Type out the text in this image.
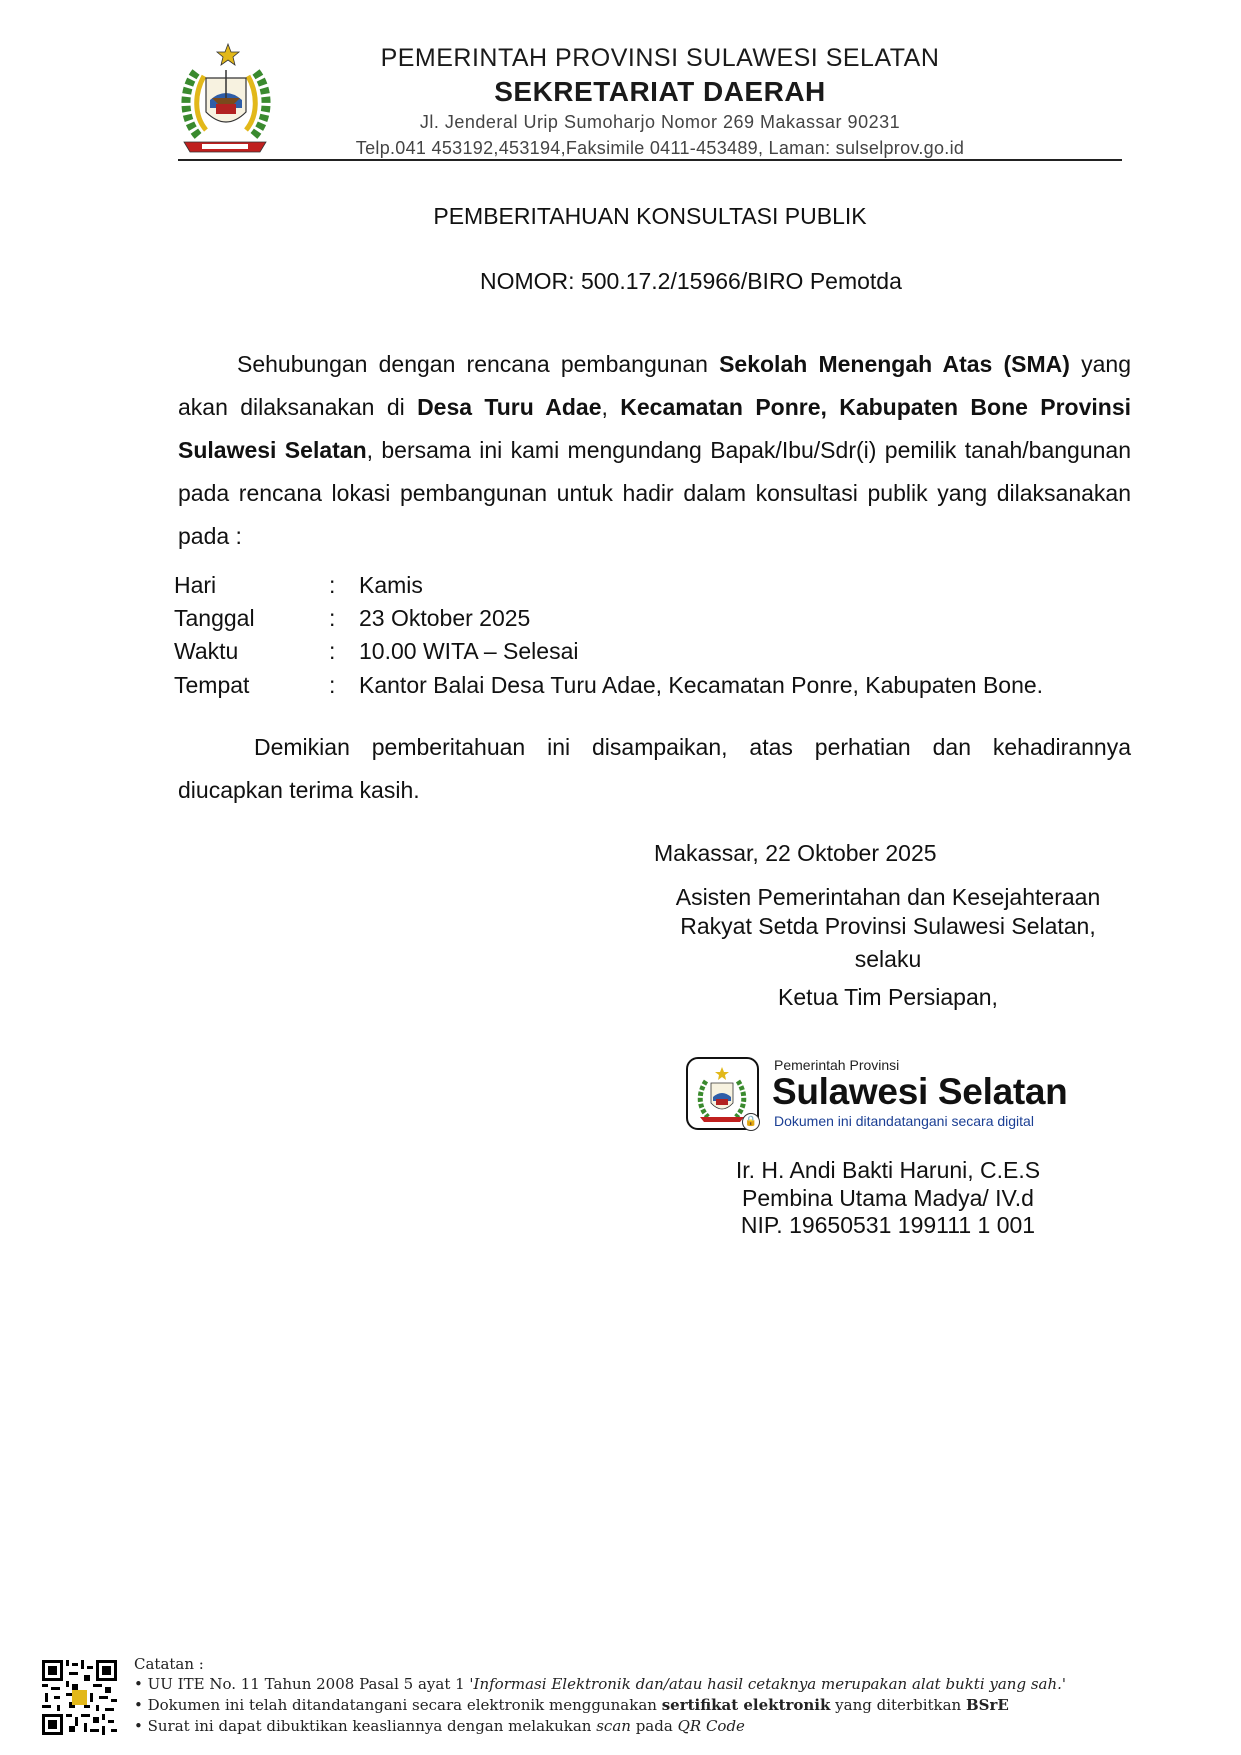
PEMERINTAH PROVINSI SULAWESI SELATAN
SEKRETARIAT DAERAH
Jl. Jenderal Urip Sumoharjo Nomor 269 Makassar 90231
Telp.041 453192,453194,Faksimile 0411-453489, Laman: sulselprov.go.id
PEMBERITAHUAN KONSULTASI PUBLIK
NOMOR: 500.17.2/15966/BIRO Pemotda
Sehubungan dengan rencana pembangunan Sekolah Menengah Atas (SMA) yang akan dilaksanakan di Desa Turu Adae, Kecamatan Ponre, Kabupaten Bone Provinsi Sulawesi Selatan, bersama ini kami mengundang Bapak/Ibu/Sdr(i) pemilik tanah/bangunan pada rencana lokasi pembangunan untuk hadir dalam konsultasi publik yang dilaksanakan pada :
Hari	: Kamis
Tanggal	: 23 Oktober 2025
Waktu	: 10.00 WITA – Selesai
Tempat	: Kantor Balai Desa Turu Adae, Kecamatan Ponre, Kabupaten Bone.
Demikian pemberitahuan ini disampaikan, atas perhatian dan kehadirannya diucapkan terima kasih.
Makassar, 22 Oktober 2025
Asisten Pemerintahan dan Kesejahteraan
Rakyat Setda Provinsi Sulawesi Selatan,
selaku
Ketua Tim Persiapan,
🔒
Pemerintah Provinsi
Sulawesi Selatan
Dokumen ini ditandatangani secara digital
Ir. H. Andi Bakti Haruni, C.E.S
Pembina Utama Madya/ IV.d
NIP. 19650531 199111 1 001
Catatan :
• UU ITE No. 11 Tahun 2008 Pasal 5 ayat 1 'Informasi Elektronik dan/atau hasil cetaknya merupakan alat bukti yang sah.'
• Dokumen ini telah ditandatangani secara elektronik menggunakan sertifikat elektronik yang diterbitkan BSrE
• Surat ini dapat dibuktikan keasliannya dengan melakukan scan pada QR Code
